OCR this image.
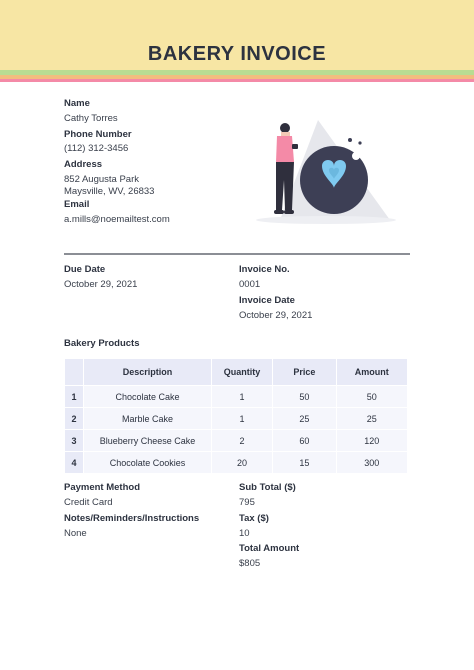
BAKERY INVOICE
Name
Cathy Torres
Phone Number
(112) 312-3456
Address
852 Augusta Park
Maysville, WV, 26833
Email
a.mills@noemailtest.com
Due Date
October 29, 2021
Invoice No.
0001
Invoice Date
October 29, 2021
Bakery Products
	Description	Quantity	Price	Amount
1	Chocolate Cake	1	50	50
2	Marble Cake	1	25	25
3	Blueberry Cheese Cake	2	60	120
4	Chocolate Cookies	20	15	300

Payment Method
Credit Card
Notes/Reminders/Instructions
None
Sub Total ($)
795
Tax ($)
10
Total Amount
$805
